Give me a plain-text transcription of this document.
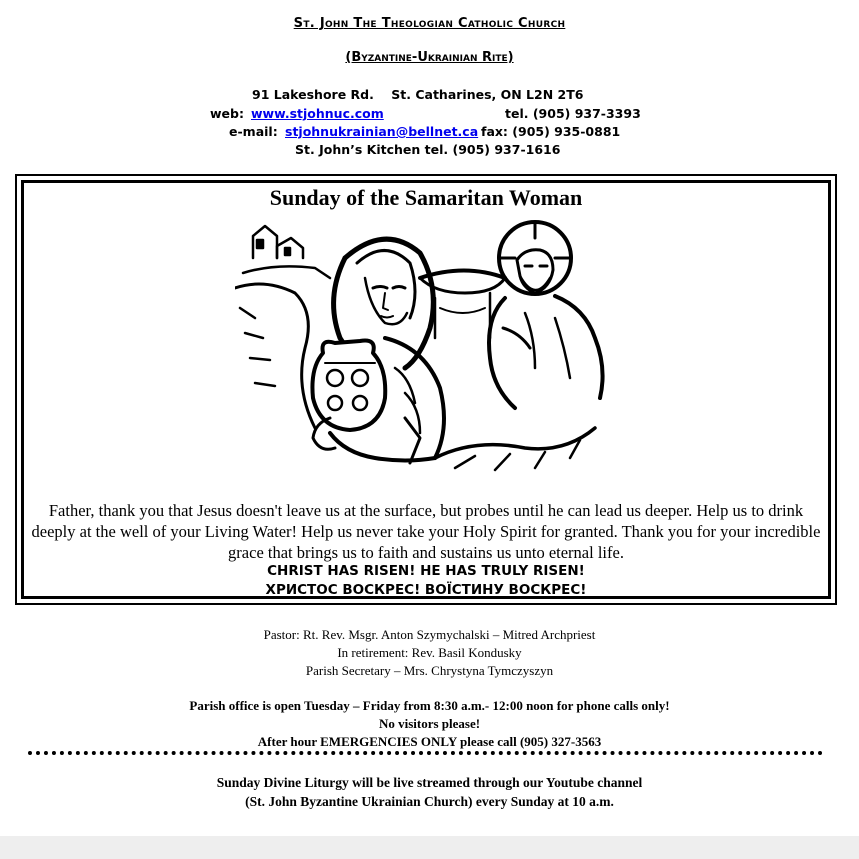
St. John The Theologian Catholic Church
(Byzantine-Ukrainian Rite)
91 Lakeshore Rd.    St. Catharines, ON L2N 2T6
web: www.stjohnuc.com	tel. (905) 937-3393
e-mail: stjohnukrainian@bellnet.ca fax: (905) 935-0881
St. John’s Kitchen tel. (905) 937-1616
Sunday of the Samaritan Woman
Father, thank you that Jesus doesn't leave us at the surface, but probes until he can lead us deeper. Help us to drink deeply at the well of your Living Water! Help us never take your Holy Spirit for granted. Thank you for your incredible grace that brings us to faith and sustains us unto eternal life.
CHRIST HAS RISEN! HE HAS TRULY RISEN!
ХРИСТОС ВОСКРЕС! ВОЇСТИНУ ВОСКРЕС!
Pastor: Rt. Rev. Msgr. Anton Szymychalski – Mitred Archpriest
In retirement: Rev. Basil Kondusky
Parish Secretary – Mrs. Chrystyna Tymczyszyn
Parish office is open Tuesday – Friday from 8:30 a.m.- 12:00 noon for phone calls only!
No visitors please!
After hour EMERGENCIES ONLY please call (905) 327-3563
Sunday Divine Liturgy will be live streamed through our Youtube channel
(St. John Byzantine Ukrainian Church) every Sunday at 10 a.m.
